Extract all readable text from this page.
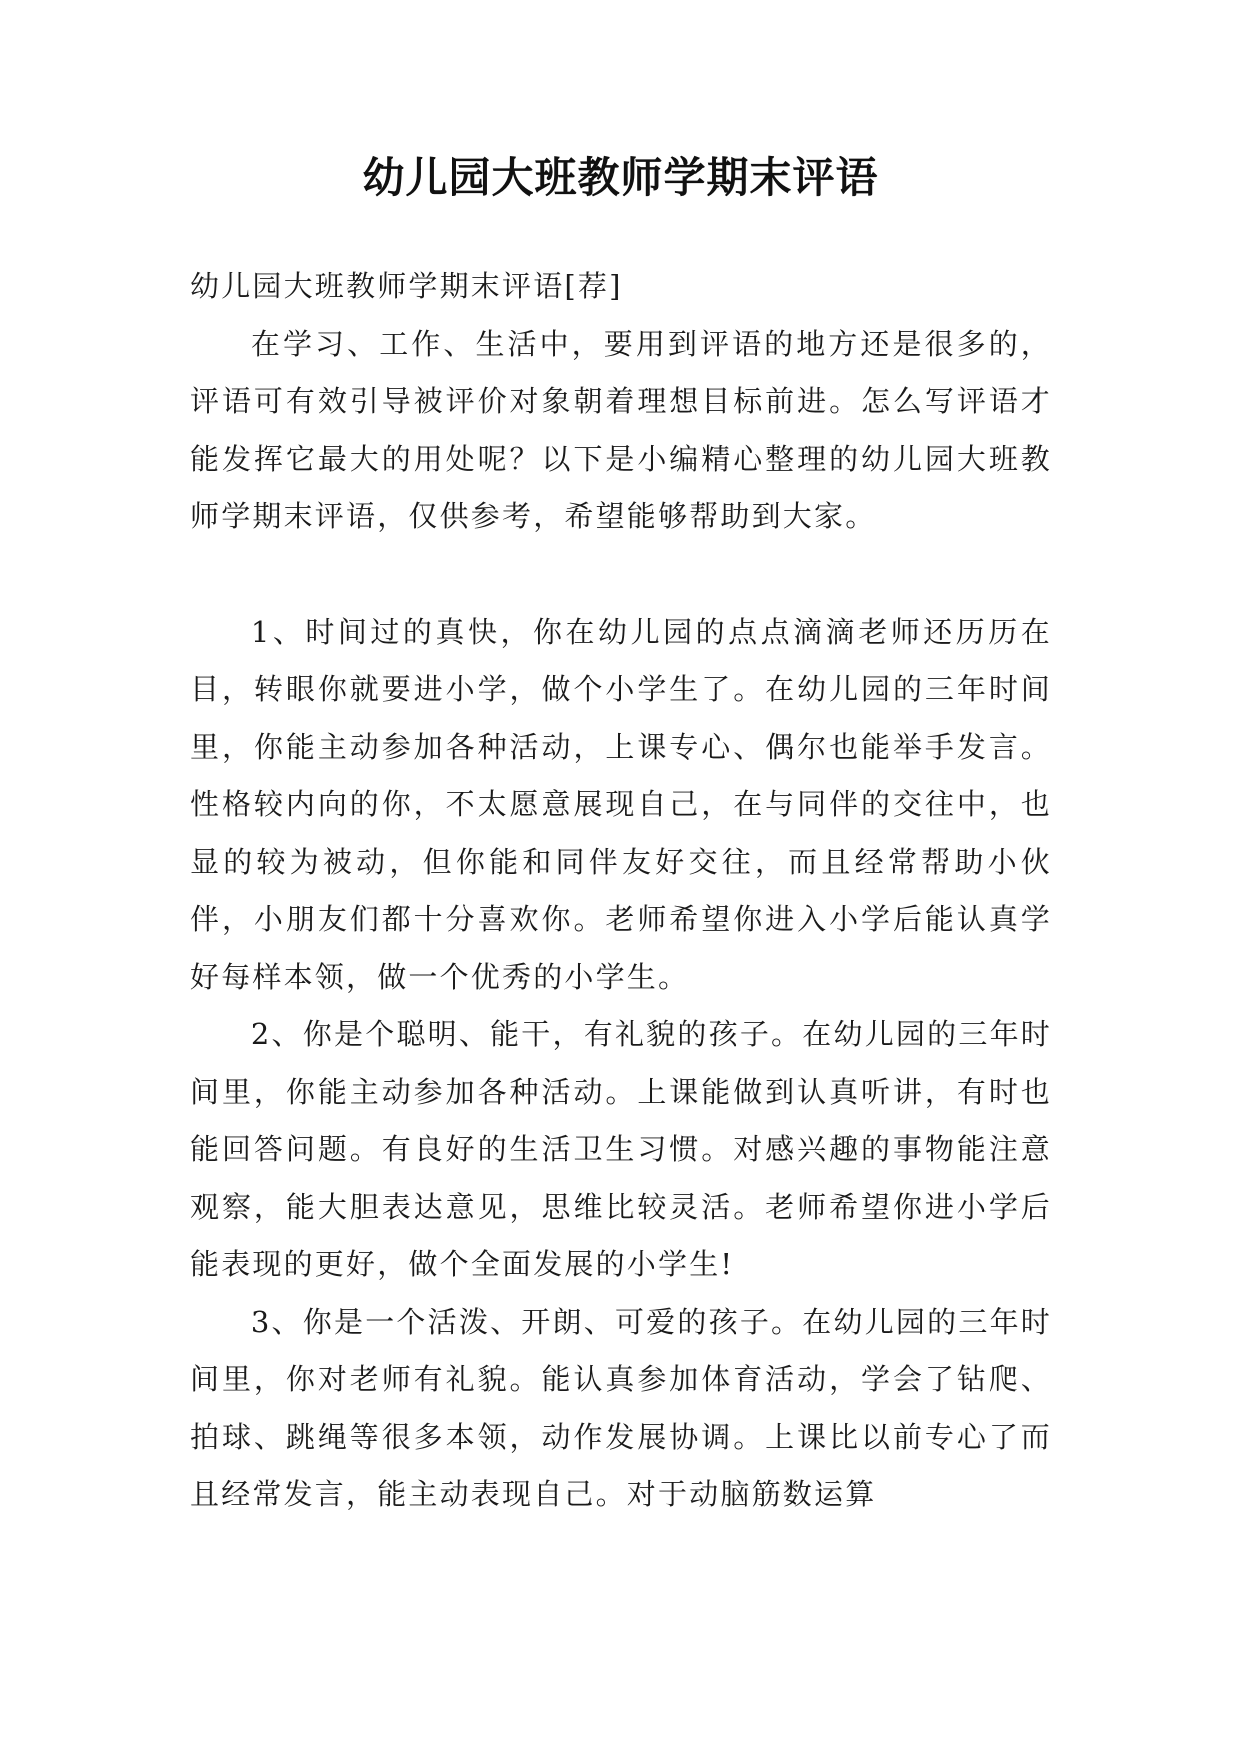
幼儿园大班教师学期末评语

幼儿园大班教师学期末评语[荐]

在学习、工作、生活中，要用到评语的地方还是很多的，评语可有效引导被评价对象朝着理想目标前进。怎么写评语才能发挥它最大的用处呢？以下是小编精心整理的幼儿园大班教师学期末评语，仅供参考，希望能够帮助到大家。

1、时间过的真快，你在幼儿园的点点滴滴老师还历历在目，转眼你就要进小学，做个小学生了。在幼儿园的三年时间里，你能主动参加各种活动，上课专心、偶尔也能举手发言。性格较内向的你，不太愿意展现自己，在与同伴的交往中，也显的较为被动，但你能和同伴友好交往，而且经常帮助小伙伴，小朋友们都十分喜欢你。老师希望你进入小学后能认真学好每样本领，做一个优秀的小学生。

2、你是个聪明、能干，有礼貌的孩子。在幼儿园的三年时间里，你能主动参加各种活动。上课能做到认真听讲，有时也能回答问题。有良好的生活卫生习惯。对感兴趣的事物能注意观察，能大胆表达意见，思维比较灵活。老师希望你进小学后能表现的更好，做个全面发展的小学生!

3、你是一个活泼、开朗、可爱的孩子。在幼儿园的三年时间里，你对老师有礼貌。能认真参加体育活动，学会了钻爬、拍球、跳绳等很多本领，动作发展协调。上课比以前专心了而且经常发言，能主动表现自己。对于动脑筋数运算
